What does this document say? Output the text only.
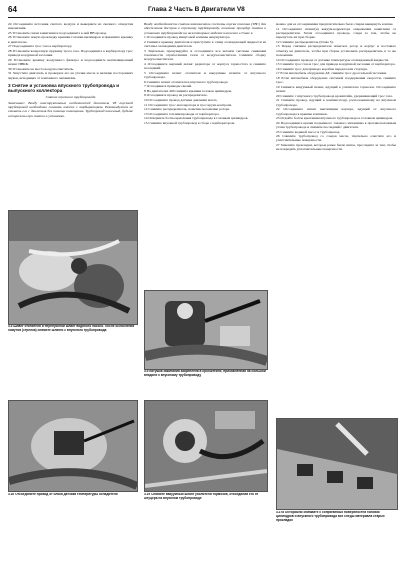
64	Глава 2 Часть В Двигатели V8

24 Отсоедините источник сжатого воздуха и выверните из свечного отверстия наконечник.

25 Установите свечи зажигания и подсоедините к ней ВВ провод.

26 Установите новую прокладку крышки головки цилиндров и прижмите крышку к двигателю.

27 Подсоедините трос газа к карбюратору.

28 Установите возвратную пружину троса газа. Подсоедините к карбюратору трос привода воздушной заслонки.

29 Установите крышку воздушного фильтра и подсоедините вентиляционный шланг ПВКК.

30 Установите на место воздухоочиститель.

31 Запустите двигатель и проверьте его на утечки масла и наличие посторонних звуков, исходящих от клапанного механизма.

3 Снятие и установка впускного трубопровода и выпускного коллектора
Снятие впускного трубопровода

Замечание: Ввиду конструктивных особенностей двигателя V8 впускной трубопровод необходимо снимать вместе с карбюратором. Рекомендуется не снимать его с двигателя без помощи помощника. Трубопровод тяжелый, будьте осторожны при снятии и установке.

Ввиду необходимости снятия компонентов системы впуска топлива (ТВС) для обеспечения доступа к впускному трубопроводу, описание процедур снятия и установки трубопровода на инжекторных моделях изложено в Главе 4.

1 Отсоедините провод минусовой клеммы аккумулятора.

2 Снимите крышку двигателя и приступите к сливу охлаждающей жидкости из системы охлаждения двигателя.

3 Тщательно пронумеруйте и отсоедините все шланги системы снижения токсичности отработавших газов от воздухоочистителя. Снимите сборку воздухоочистителя.

4 Отсоедините верхний шланг радиатора от корпуса термостата и снимите последний.

5 Отсоедините шланг отопителя и вакуумные шланги от впускного трубопровода.

6 Снимите шланг отопителя и впускного трубопровода.

7 Отсоедините приводы свечей.

8 На двигателях 460 снимите крышки головок цилиндров.

9 Отсоедините провод на распределителе.

10 Отсоедините провод датчика давления масла.

11 Отсоедините трос акселератора и трос круиз-контроля.

12 Снимите распределитель, пометив положение ротора.

13 Отсоедините топливопроводы от карбюратора.

14 Отверните болты крепления трубопровода к головкам цилиндров.

15 Снимите впускной трубопровод в сборе с карбюратором.

можно для ее отсоединения предпочтительно было сперва вывернуть клапан.

11 Отсоедините шланг(и) вакуум-корректора опережения зажигания от распределителя. Затем отсоедините провода, следя за тем, чтобы не перепутать их при сборке.

12 Снимите распределитель (Глава 5).

13 Перед снятием распределителя пометьте ротор и корпус и поставьте отметку на двигателе, чтобы при сборке установить распределитель в то же положение.

14 Отсоедините провода от датчика температуры охлаждающей жидкости.

15 Снимите трос газа и трос для привода воздушной заслонки от карбюратора.

16 Снимите трос для привода коробки передач или стартера.

17 Если автомобиль оборудован АТ, снимите трос дроссельной заслонки.

18 Если автомобиль оборудован системой поддержания скорости, снимите трос.

19 Снимите вакуумный шланг, идущий к усилителю тормозов. Отсоедините шланг.

20 Снимите с впускного трубопровода кронштейн, удерживающий трос газа.

21 Снимите провод, идущий к компенсатору, расположенному на впускном трубопроводе.

22 Отсоедините шланг вентиляции картера, идущий от впускного трубопровода к крышке клапанов.

23 Отдайте болты крепления впускного трубопровода к головкам цилиндров.

24 Подсоедините крюки подъемного талевого механизма к противоположным углам трубопровода и снимите последний с двигателя.

25 Снимите водяной насос и трубопровод.

26 Снимите трубопровод со следов масла, тщательно очистите его и уплотнительные поверхности.

27 Замените прокладки, которые ранее были сняты, проследите за тем, чтобы не повредить уплотнительные поверхности.

3.5 Шланг отопителя и перепускной шланг водяного насоса. После ослабления хомутов (стрелка) снимите шланги с впускного трубопровода
3.9 Катушка зажигания закреплена в кронштейне, прибавленная на большой впадине к впускному трубопроводу
3.16 Отсоедините провод от блока датчика температуры охладителя	3.19 Снимите вакуумный шланг усилителя тормозов, отсоединив его от штуцера на впускном трубопроводе
3.27а Осторожно снимайте с сопрягаемых поверхностей головки цилиндров и впускного трубопровода все следы материала старых прокладок
